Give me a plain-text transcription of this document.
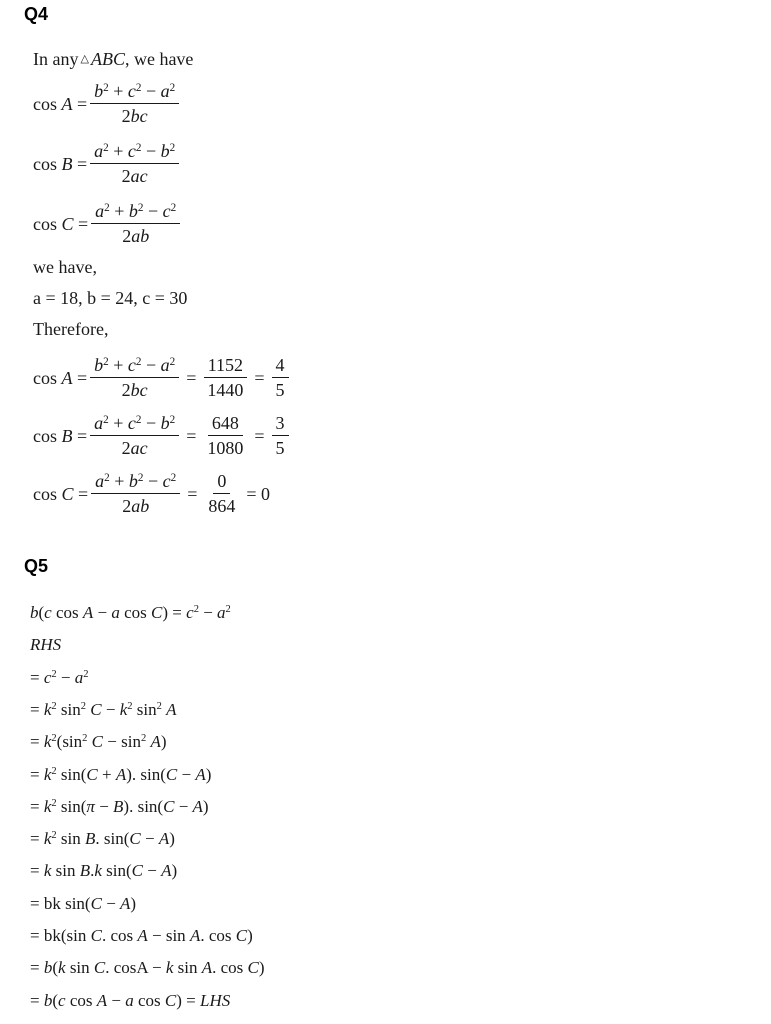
Q4
In any △ ABC , we have
$\cos A = \frac{b^2 + c^2 - a^2}{2bc}$
$\cos B = \frac{a^2 + c^2 - b^2}{2ac}$
$\cos C = \frac{a^2 + b^2 - c^2}{2ab}$
we have,
a = 18, b = 24, c = 30
Therefore,
$\cos A = \frac{b^2 + c^2 - a^2}{2bc} = \frac{1152}{1440} = \frac{4}{5}$
$\cos B = \frac{a^2 + c^2 - b^2}{2ac} = \frac{648}{1080} = \frac{3}{5}$
$\cos C = \frac{a^2 + b^2 - c^2}{2ab} = \frac{0}{864} = 0$
Q5
b(c cos A − a $\cos C) = c^2 - a^2$
RHS
= $c^2 - a^2$
= $k^2$ $\sin^2 C - k^2$ $\sin^2 A$
= $k^2(\sin^2$ $C - \sin^2 A$)
= $k^2$ sin(C + A). sin(C − A)
= $k^2$ sin(π − B). sin(C − A)
= $k^2$ sin B. sin(C − A)
= k sin B.k sin(C − A)
= bk sin(C − A)
= bk(sin C. cos A − sin A. cos C)
= b(k sin C. cosA − k sin A. cos C)
= b(c cos A − a cos C) = LHS
